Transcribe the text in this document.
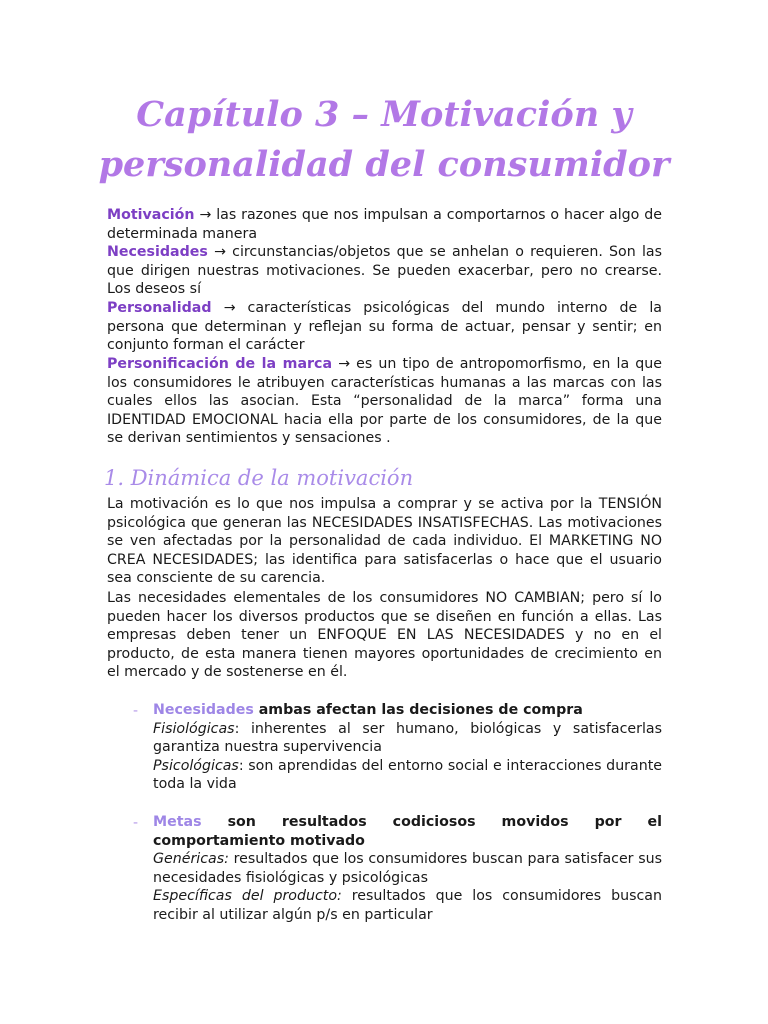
Capítulo 3 – Motivación y personalidad del consumidor
Motivación → las razones que nos impulsan a comportarnos o hacer algo de determinada manera
Necesidades → circunstancias/objetos que se anhelan o requieren. Son las que dirigen nuestras motivaciones. Se pueden exacerbar, pero no crearse. Los deseos sí
Personalidad → características psicológicas del mundo interno de la persona que determinan y reflejan su forma de actuar, pensar y sentir; en conjunto forman el carácter
Personificación de la marca → es un tipo de antropomorfismo, en la que los consumidores le atribuyen características humanas a las marcas con las cuales ellos las asocian. Esta “personalidad de la marca” forma una IDENTIDAD EMOCIONAL hacia ella por parte de los consumidores, de la que se derivan sentimientos y sensaciones .
1. Dinámica de la motivación
La motivación es lo que nos impulsa a comprar y se activa por la TENSIÓN psicológica que generan las NECESIDADES INSATISFECHAS. Las motivaciones se ven afectadas por la personalidad de cada individuo. El MARKETING NO CREA NECESIDADES; las identifica para satisfacerlas o hace que el usuario sea consciente de su carencia.
Las necesidades elementales de los consumidores NO CAMBIAN; pero sí lo pueden hacer los diversos productos que se diseñen en función a ellas. Las empresas deben tener un ENFOQUE EN LAS NECESIDADES y no en el producto, de esta manera tienen mayores oportunidades de crecimiento en el mercado y de sostenerse en él.
- Necesidades ambas afectan las decisiones de compra
Fisiológicas: inherentes al ser humano, biológicas y satisfacerlas garantiza nuestra supervivencia
Psicológicas: son aprendidas del entorno social e interacciones durante toda la vida
- Metas son resultados codiciosos movidos por el comportamiento motivado
Genéricas: resultados que los consumidores buscan para satisfacer sus necesidades fisiológicas y psicológicas
Específicas del producto: resultados que los consumidores buscan recibir al utilizar algún p/s en particular
